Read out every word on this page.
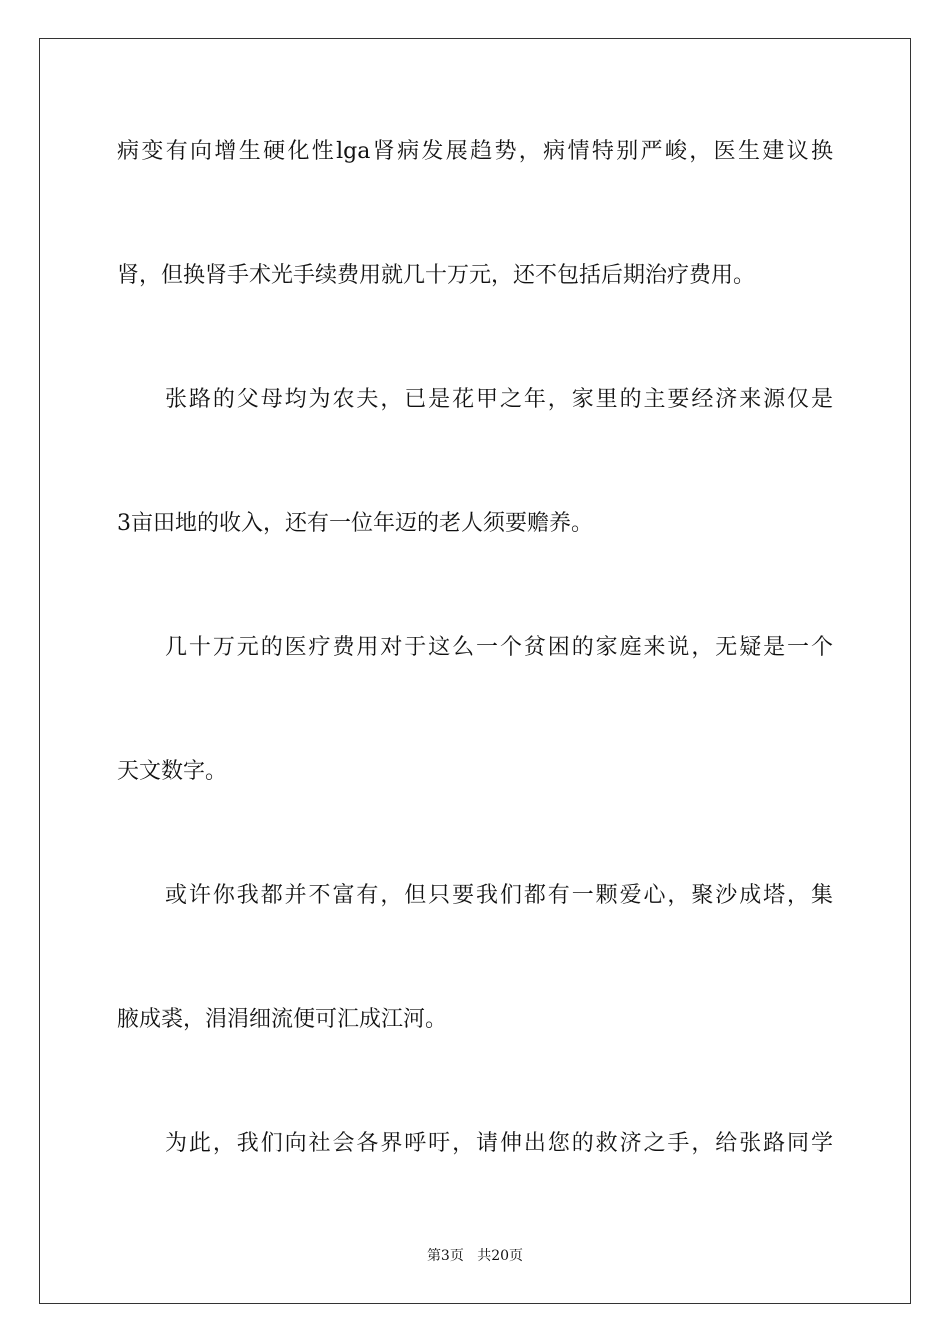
病变有向增生硬化性lga肾病发展趋势，病情特别严峻，医生建议换
肾，但换肾手术光手续费用就几十万元，还不包括后期治疗费用。
张路的父母均为农夫，已是花甲之年，家里的主要经济来源仅是
3亩田地的收入，还有一位年迈的老人须要赡养。
几十万元的医疗费用对于这么一个贫困的家庭来说，无疑是一个
天文数字。
或许你我都并不富有，但只要我们都有一颗爱心，聚沙成塔，集
腋成裘，涓涓细流便可汇成江河。
为此，我们向社会各界呼吁，请伸出您的救济之手，给张路同学
第3页 共20页
